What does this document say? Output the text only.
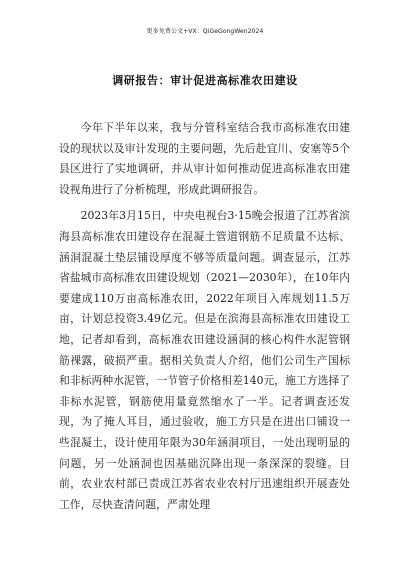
更多免费公文+VX：QiGeGongWen2024
调研报告：审计促进高标准农田建设

今年下半年以来，我与分管科室结合我市高标准农田建设的现状以及审计发现的主要问题，先后赴宜川、安塞等5个县区进行了实地调研，并从审计如何推动促进高标准农田建设视角进行了分析梳理，形成此调研报告。

2023年3月15日，中央电视台3·15晚会报道了江苏省滨海县高标准农田建设存在混凝土管道钢筋不足质量不达标、涵洞混凝土垫层铺设厚度不够等质量问题。调查显示，江苏省盐城市高标准农田建设规划（2021—2030年），在10年内要建成110万亩高标准农田，2022年项目入库规划11.5万亩，计划总投资3.49亿元。但是在滨海县高标准农田建设工地，记者却看到，高标准农田建设涵洞的核心构件水泥管钢筋裸露，破损严重。据相关负责人介绍，他们公司生产国标和非标两种水泥管，一节管子价格相差140元，施工方选择了非标水泥管，钢筋使用量竟然缩水了一半。记者调查还发现，为了掩人耳目，通过验收，施工方只是在进出口铺设一些混凝土，设计使用年限为30年涵洞项目，一处出现明显的问题，另一处涵洞也因基础沉降出现一条深深的裂缝。目前，农业农村部已责成江苏省农业农村厅迅速组织开展查处工作，尽快查清问题，严肃处理
